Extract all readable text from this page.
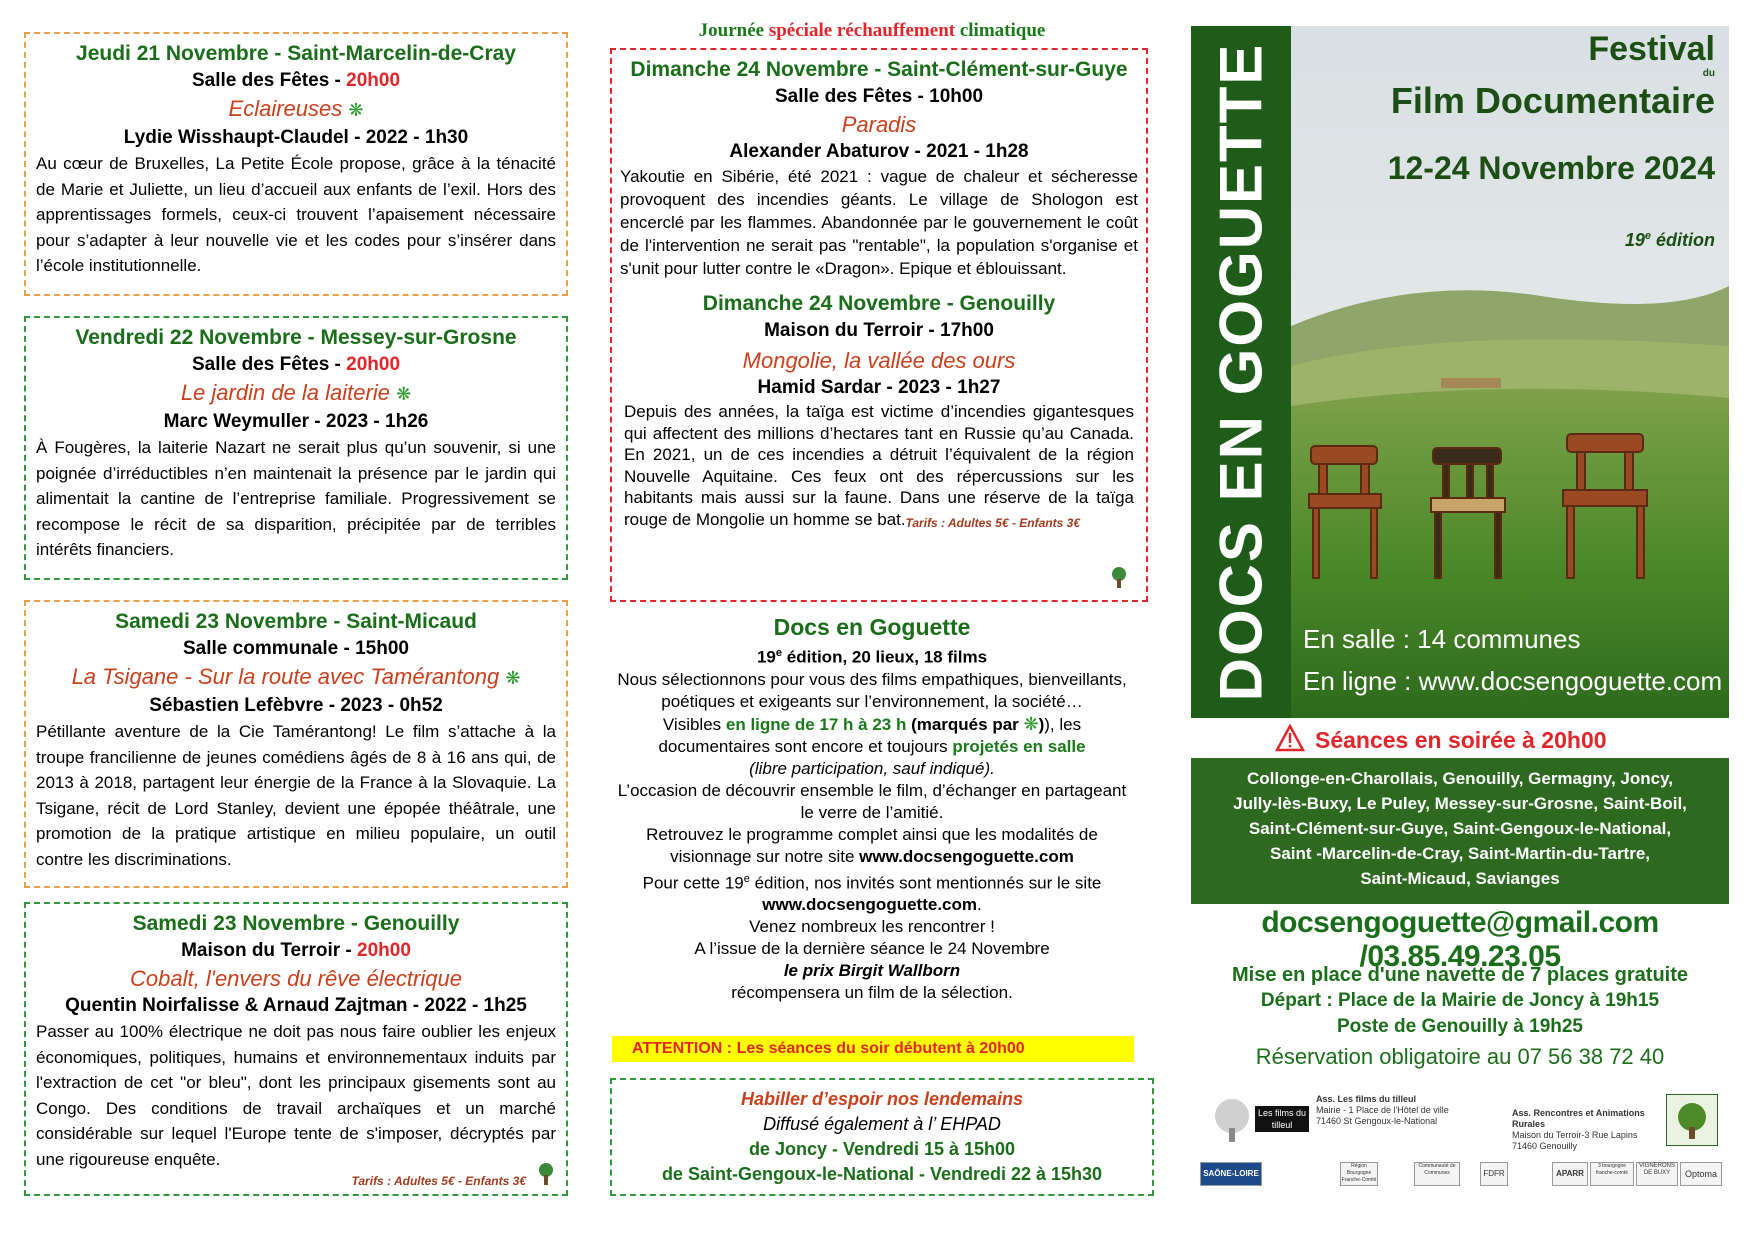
Jeudi 21 Novembre - Saint-Marcelin-de-Cray
Salle des Fêtes - 20h00
Eclaireuses ❋
Lydie Wisshaupt-Claudel - 2022 - 1h30
Au cœur de Bruxelles, La Petite École propose, grâce à la ténacité de Marie et Juliette, un lieu d’accueil aux enfants de l’exil. Hors des apprentissages formels, ceux-ci trouvent l’apaisement nécessaire pour s’adapter à leur nouvelle vie et les codes pour s’insérer dans l’école institutionnelle.
Vendredi 22 Novembre - Messey-sur-Grosne
Salle des Fêtes - 20h00
Le jardin de la laiterie ❋
Marc Weymuller - 2023 - 1h26
À Fougères, la laiterie Nazart ne serait plus qu’un souvenir, si une poignée d’irréductibles n’en maintenait la présence par le jardin qui alimentait la cantine de l’entreprise familiale. Progressivement se recompose le récit de sa disparition, précipitée par de terribles intérêts financiers.
Samedi 23 Novembre - Saint-Micaud
Salle communale - 15h00
La Tsigane - Sur la route avec Tamérantong ❋
Sébastien Lefèbvre - 2023 - 0h52
Pétillante aventure de la Cie Tamérantong! Le film s’attache à la troupe francilienne de jeunes comédiens âgés de 8 à 16 ans qui, de 2013 à 2018, partagent leur énergie de la France à la Slovaquie. La Tsigane, récit de Lord Stanley, devient une épopée théâtrale, une promotion de la pratique artistique en milieu populaire, un outil contre les discriminations.
Samedi 23 Novembre - Genouilly
Maison du Terroir - 20h00
Cobalt, l'envers du rêve électrique
Quentin Noirfalisse & Arnaud Zajtman - 2022 - 1h25
Passer au 100% électrique ne doit pas nous faire oublier les enjeux économiques, politiques, humains et environnementaux induits par l'extraction de cet "or bleu", dont les principaux gisements sont au Congo. Des conditions de travail archaïques et un marché considérable sur lequel l'Europe tente de s'imposer, décryptés par une rigoureuse enquête.
Tarifs : Adultes 5€ - Enfants 3€
Journée spéciale réchauffement climatique
Dimanche 24 Novembre - Saint-Clément-sur-Guye
Salle des Fêtes - 10h00
Paradis
Alexander Abaturov - 2021 - 1h28
Yakoutie en Sibérie, été 2021 : vague de chaleur et sécheresse provoquent des incendies géants. Le village de Shologon est encerclé par les flammes. Abandonnée par le gouvernement le coût de l'intervention ne serait pas "rentable", la population s'organise et s'unit pour lutter contre le «Dragon». Epique et éblouissant.
Dimanche 24 Novembre - Genouilly
Maison du Terroir - 17h00
Mongolie, la vallée des ours
Hamid Sardar - 2023 - 1h27
Depuis des années, la taïga est victime d’incendies gigantesques qui affectent des millions d’hectares tant en Russie qu’au Canada. En 2021, un de ces incendies a détruit l’équivalent de la région Nouvelle Aquitaine. Ces feux ont des répercussions sur les habitants mais aussi sur la faune. Dans une réserve de la taïga rouge de Mongolie un homme se bat. Tarifs : Adultes 5€ - Enfants 3€
Docs en Goguette
19e édition, 20 lieux, 18 films
Nous sélectionnons pour vous des films empathiques, bienveillants, poétiques et exigeants sur l’environnement, la société…
Visibles en ligne de 17 h à 23 h (marqués par ❋)), les documentaires sont encore et toujours projetés en salle
(libre participation, sauf indiqué).
L’occasion de découvrir ensemble le film, d’échanger en partageant le verre de l’amitié.
Retrouvez le programme complet ainsi que les modalités de visionnage sur notre site www.docsengoguette.com
Pour cette 19e édition, nos invités sont mentionnés sur le site www.docsengoguette.com.
Venez nombreux les rencontrer !
A l’issue de la dernière séance le 24 Novembre
le prix Birgit Wallborn
récompensera un film de la sélection.
ATTENTION : Les séances du soir débutent à 20h00
Habiller d’espoir nos lendemains
Diffusé également à l’ EHPAD
de Joncy - Vendredi 15 à 15h00
de Saint-Gengoux-le-National - Vendredi 22 à 15h30
DOCS EN GOGUETTE	Festival
du
Film Documentaire
12-24 Novembre 2024
19e édition
En salle : 14 communes
En ligne : www.docsengoguette.com
Séances en soirée à 20h00
Collonge-en-Charollais, Genouilly, Germagny, Joncy,
Jully-lès-Buxy, Le Puley, Messey-sur-Grosne, Saint-Boil,
Saint-Clément-sur-Guye, Saint-Gengoux-le-National,
Saint -Marcelin-de-Cray, Saint-Martin-du-Tartre,
Saint-Micaud, Savianges
docsengoguette@gmail.com /03.85.49.23.05
Mise en place d'une navette de 7 places gratuite
Départ : Place de la Mairie de Joncy à 19h15
Poste de Genouilly à 19h25
Réservation obligatoire au 07 56 38 72 40
Les films du tilleul
Ass. Les films du tilleul
Mairie - 1 Place de l'Hôtel de ville
71460 St Gengoux-le-National
Ass. Rencontres et Animations Rurales
Maison du Terroir-3 Rue Lapins
71460 Genouilly
SAÔNE-LOIRE
Région Bourgogne Franche-Comté
Communauté de Communes	FDFR	APARR
3 bourgogne franche-comté
VIGNERONS DE BUXY	Optoma
